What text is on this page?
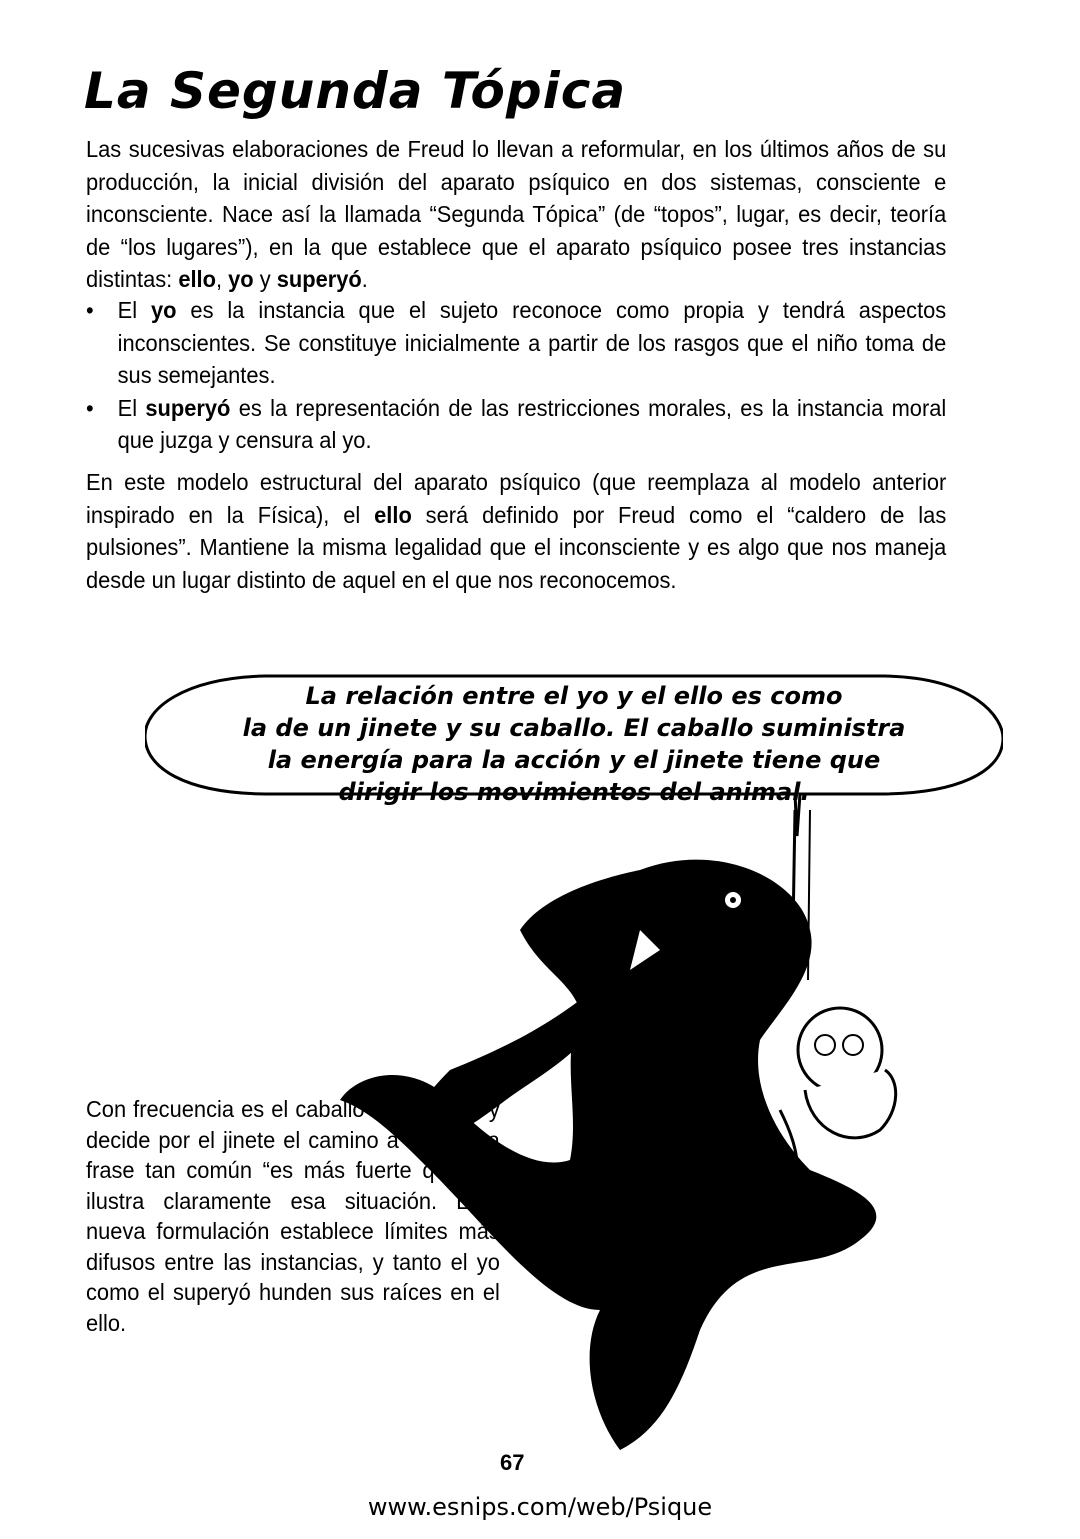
La Segunda Tópica

Las sucesivas elaboraciones de Freud lo llevan a reformular, en los últimos años de su producción, la inicial división del aparato psíquico en dos sistemas, consciente e inconsciente. Nace así la llamada “Segunda Tópica” (de “topos”, lugar, es decir, teoría de “los lugares”), en la que establece que el aparato psíquico posee tres instancias distintas: ello, yo y superyó.

• El yo es la instancia que el sujeto reconoce como propia y tendrá aspectos inconscientes. Se constituye inicialmente a partir de los rasgos que el niño toma de sus semejantes.
• El superyó es la representación de las restricciones morales, es la instancia moral que juzga y censura al yo.

En este modelo estructural del aparato psíquico (que reemplaza al modelo anterior inspirado en la Física), el ello será definido por Freud como el “caldero de las pulsiones”. Mantiene la misma legalidad que el inconsciente y es algo que nos maneja desde un lugar distinto de aquel en el que nos reconocemos.

La relación entre el yo y el ello es como
la de un jinete y su caballo. El caballo suministra
la energía para la acción y el jinete tiene que
dirigir los movimientos del animal.

Con frecuencia es el caballo el que guía y decide por el jinete el camino a tomar. La frase tan común “es más fuerte que yo” ilustra claramente esa situación. Esta nueva formulación establece límites más difusos entre las instancias, y tanto el yo como el superyó hunden sus raíces en el ello.

67
www.esnips.com/web/Psique
